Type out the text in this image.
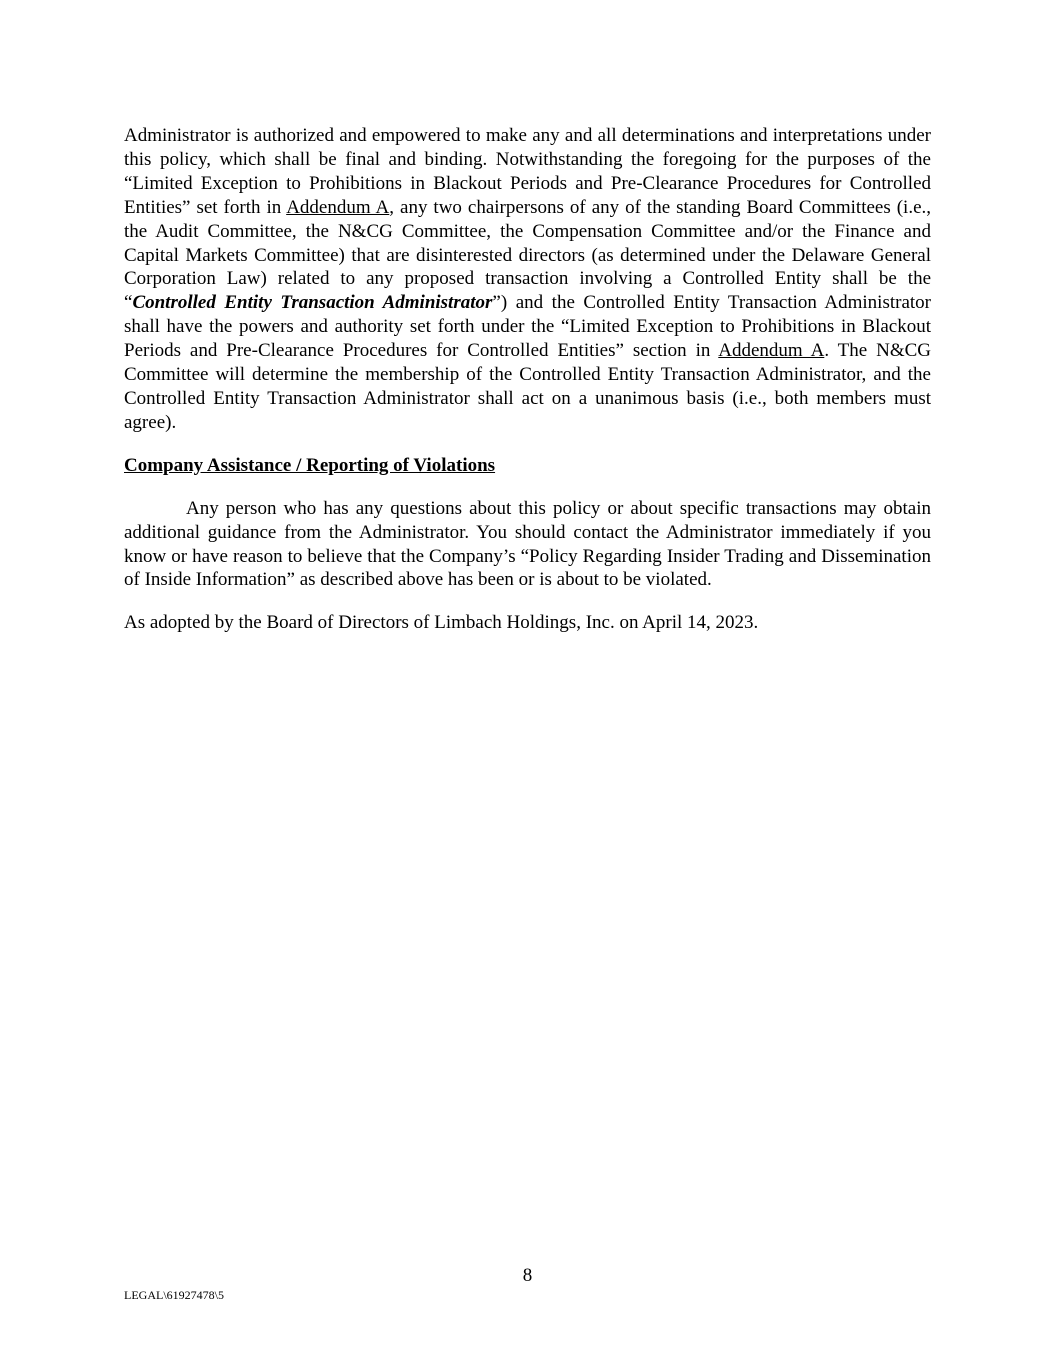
Administrator is authorized and empowered to make any and all determinations and interpretations under this policy, which shall be final and binding. Notwithstanding the foregoing for the purposes of the “Limited Exception to Prohibitions in Blackout Periods and Pre-Clearance Procedures for Controlled Entities” set forth in Addendum A, any two chairpersons of any of the standing Board Committees (i.e., the Audit Committee, the N&CG Committee, the Compensation Committee and/or the Finance and Capital Markets Committee) that are disinterested directors (as determined under the Delaware General Corporation Law) related to any proposed transaction involving a Controlled Entity shall be the “Controlled Entity Transaction Administrator”) and the Controlled Entity Transaction Administrator shall have the powers and authority set forth under the “Limited Exception to Prohibitions in Blackout Periods and Pre-Clearance Procedures for Controlled Entities” section in Addendum A. The N&CG Committee will determine the membership of the Controlled Entity Transaction Administrator, and the Controlled Entity Transaction Administrator shall act on a unanimous basis (i.e., both members must agree).

Company Assistance / Reporting of Violations

Any person who has any questions about this policy or about specific transactions may obtain additional guidance from the Administrator. You should contact the Administrator immediately if you know or have reason to believe that the Company’s “Policy Regarding Insider Trading and Dissemination of Inside Information” as described above has been or is about to be violated.

As adopted by the Board of Directors of Limbach Holdings, Inc. on April 14, 2023.

8
LEGAL\61927478\5
